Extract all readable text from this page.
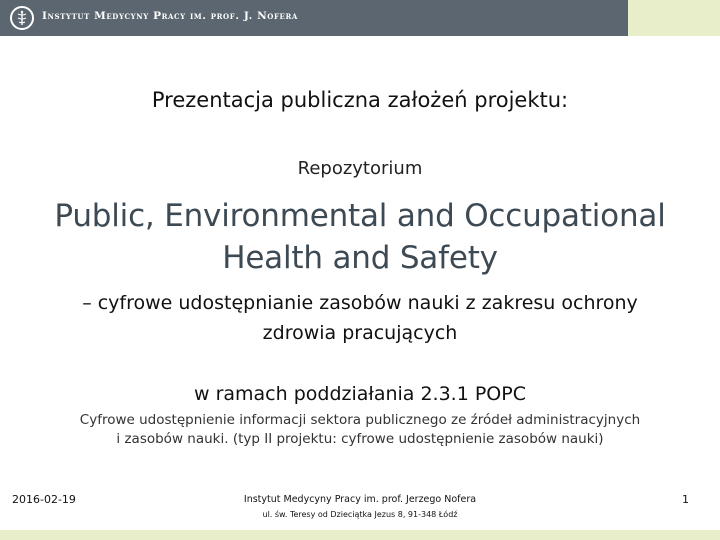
Instytut Medycyny Pracy im. prof. J. Nofera
Prezentacja publiczna założeń projektu:
Repozytorium
Public, Environmental and Occupational
Health and Safety
– cyfrowe udostępnianie zasobów nauki z zakresu ochrony
zdrowia pracujących
w ramach poddziałania 2.3.1 POPC
Cyfrowe udostępnienie informacji sektora publicznego ze źródeł administracyjnych
i zasobów nauki. (typ II projektu: cyfrowe udostępnienie zasobów nauki)
2016-02-19	Instytut Medycyny Pracy im. prof. Jerzego Nofera
ul. św. Teresy od Dzieciątka Jezus 8, 91-348 Łódź
1
